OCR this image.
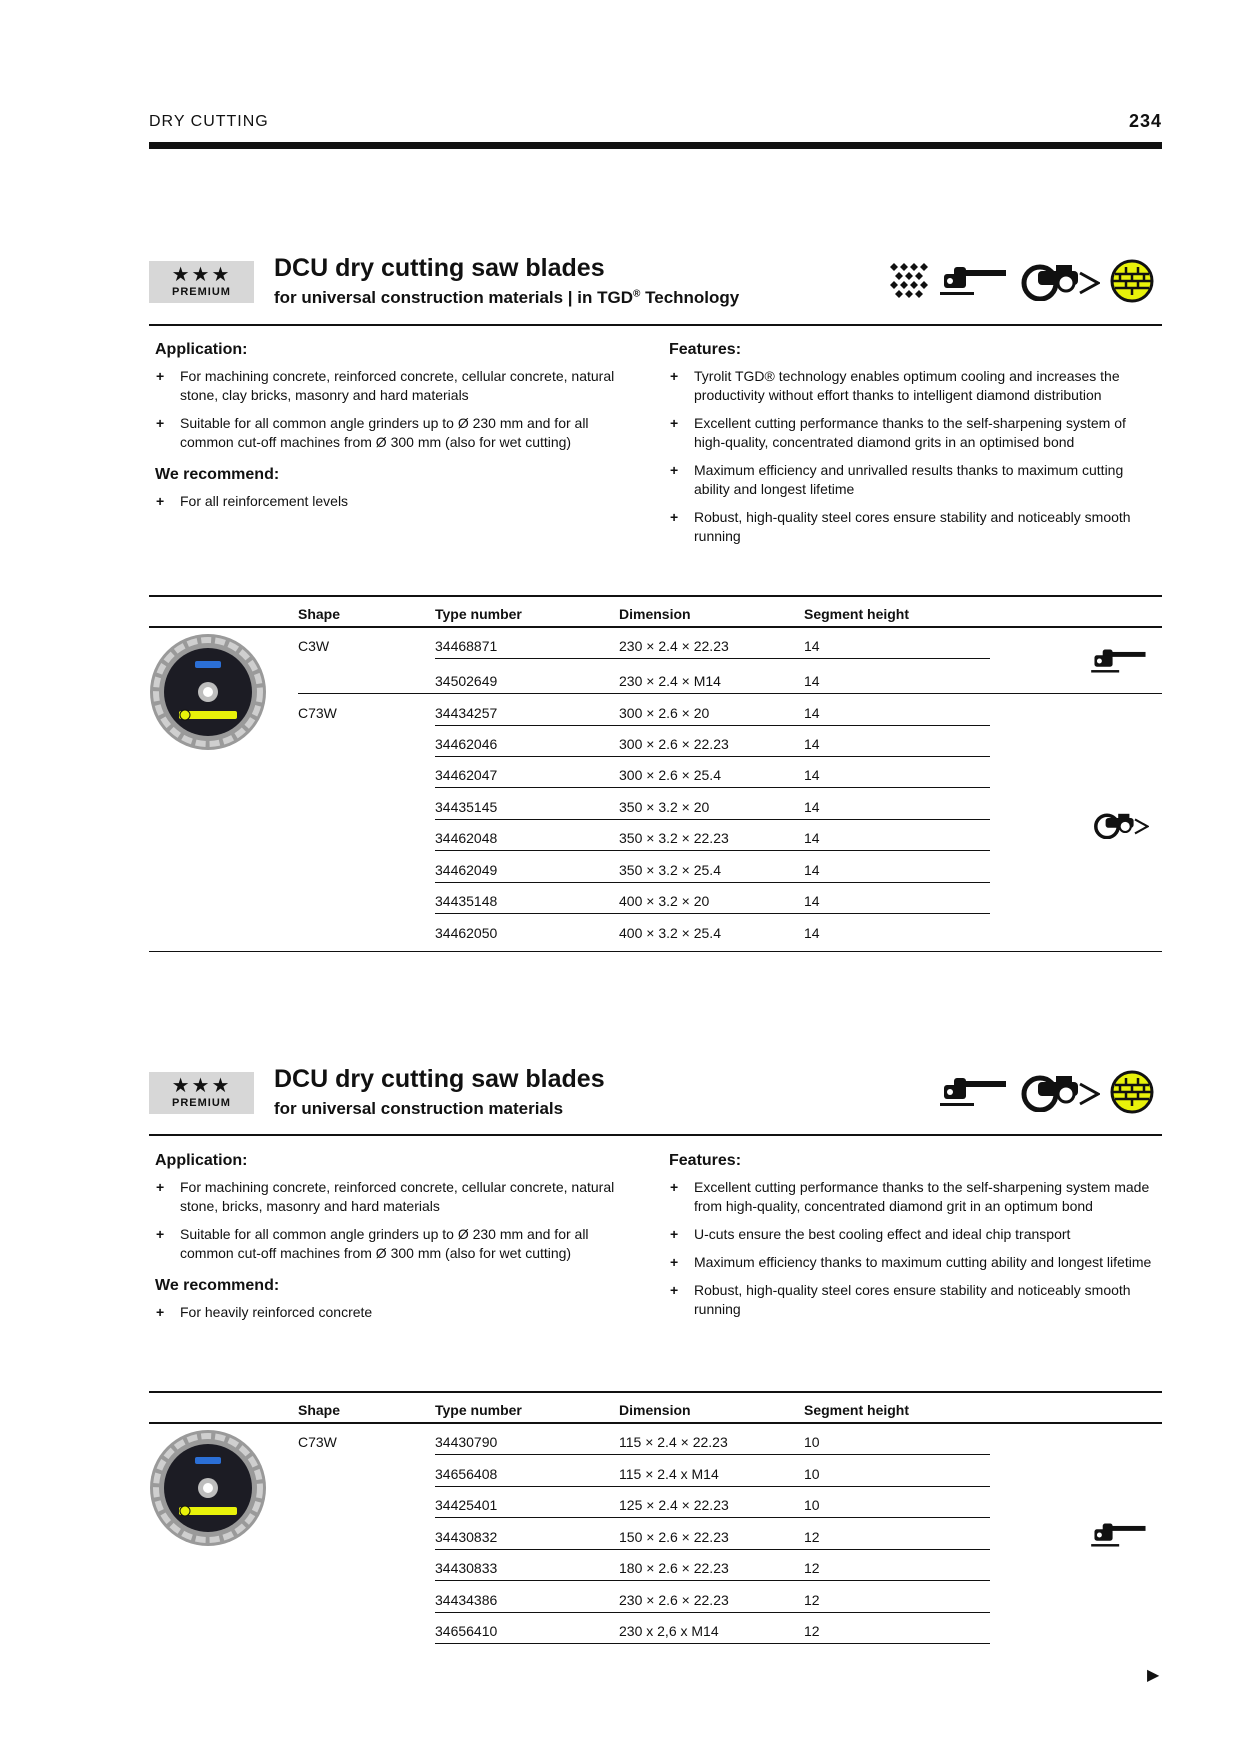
DRY CUTTING	234
★★★
PREMIUM
DCU dry cutting saw blades
for universal construction materials | in TGD® Technology
Application:
+ For machining concrete, reinforced concrete, cellular concrete, natural stone, clay bricks, masonry and hard materials
+ Suitable for all common angle grinders up to Ø 230 mm and for all common cut-off machines from Ø 300 mm (also for wet cutting)
We recommend:
+ For all reinforcement levels
Features:
+ Tyrolit TGD® technology enables optimum cooling and increases the productivity without effort thanks to intelligent diamond distribution
+ Excellent cutting performance thanks to the self-sharpening system of high-quality, concentrated diamond grits in an optimised bond
+ Maximum efficiency and unrivalled results thanks to maximum cutting ability and longest lifetime
+ Robust, high-quality steel cores ensure stability and noticeably smooth running
Shape	Type number	Dimension	Segment height
C3W	34468871	230 × 2.4 × 22.23	14
34502649	230 × 2.4 × M14	14
C73W	34434257	300 × 2.6 × 20	14
34462046	300 × 2.6 × 22.23	14
34462047	300 × 2.6 × 25.4	14
34435145	350 × 3.2 × 20	14
34462048	350 × 3.2 × 22.23	14
34462049	350 × 3.2 × 25.4	14
34435148	400 × 3.2 × 20	14
34462050	400 × 3.2 × 25.4	14
★★★
PREMIUM
DCU dry cutting saw blades
for universal construction materials
Application:
+ For machining concrete, reinforced concrete, cellular concrete, natural stone, bricks, masonry and hard materials
+ Suitable for all common angle grinders up to Ø 230 mm and for all common cut-off machines from Ø 300 mm (also for wet cutting)
We recommend:
+ For heavily reinforced concrete
Features:
+ Excellent cutting performance thanks to the self-sharpening system made from high-quality, concentrated diamond grit in an optimum bond
+ U-cuts ensure the best cooling effect and ideal chip transport
+ Maximum efficiency thanks to maximum cutting ability and longest lifetime
+ Robust, high-quality steel cores ensure stability and noticeably smooth running
Shape	Type number	Dimension	Segment height
C73W	34430790	115 × 2.4 × 22.23	10
34656408	115 × 2.4 x M14	10
34425401	125 × 2.4 × 22.23	10
34430832	150 × 2.6 × 22.23	12
34430833	180 × 2.6 × 22.23	12
34434386	230 × 2.6 × 22.23	12
34656410	230 x 2,6 x M14	12
▶
